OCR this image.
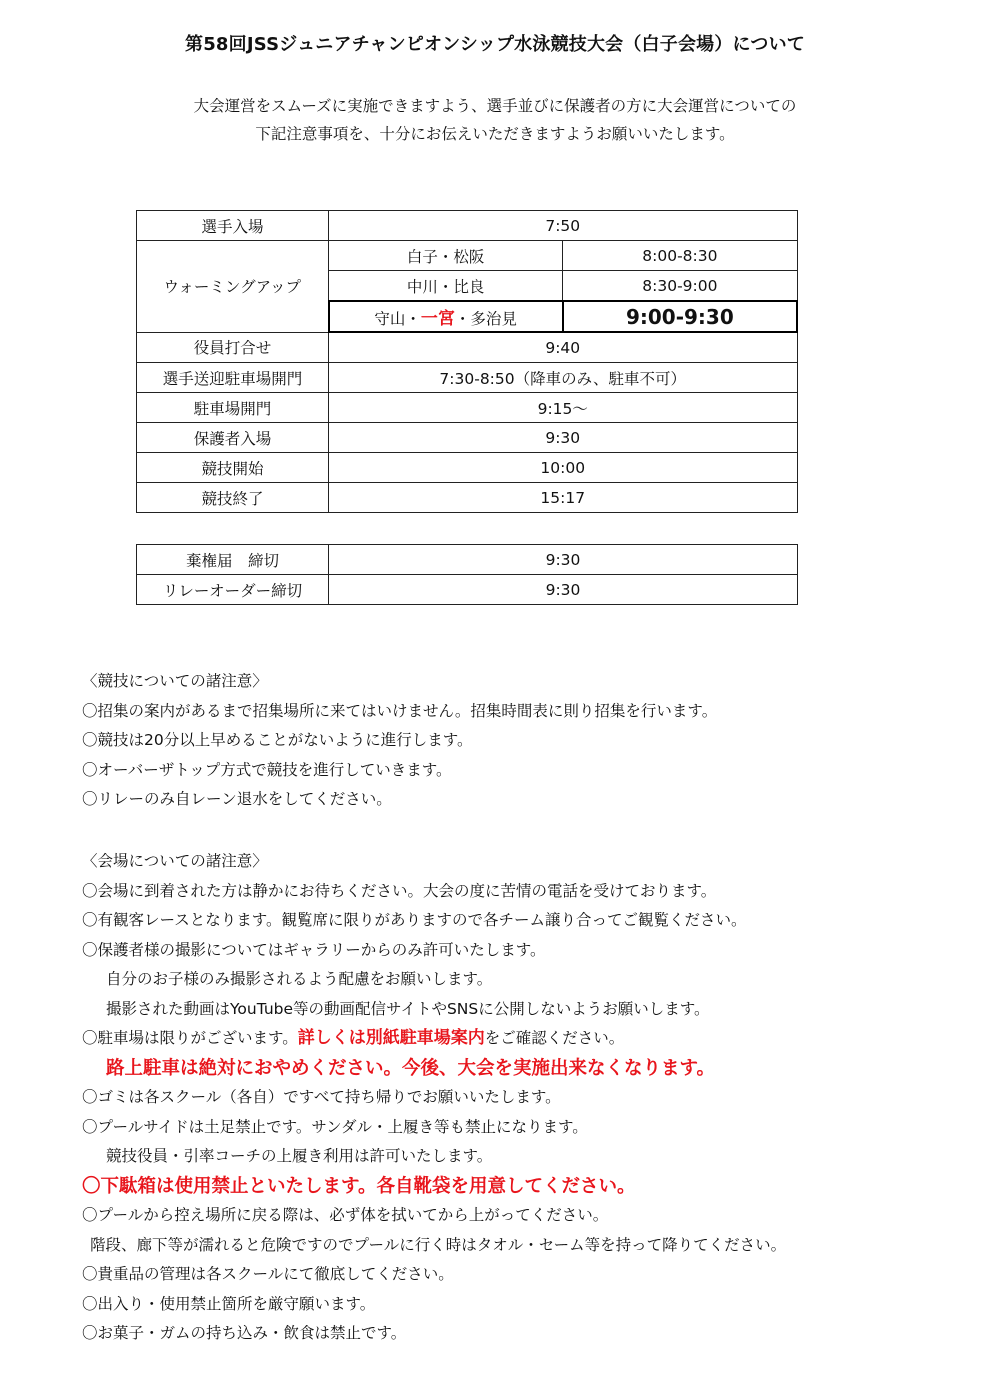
第58回JSSジュニアチャンピオンシップ水泳競技大会（白子会場）について
大会運営をスムーズに実施できますよう、選手並びに保護者の方に大会運営についての
下記注意事項を、十分にお伝えいただきますようお願いいたします。
選手入場	7:50	
ウォーミングアップ	白子・松阪	8:00-8:30
	中川・比良	8:30-9:00
	守山・一宮・多治見	9:00-9:30
役員打合せ	9:40	
選手送迎駐車場開門	7:30-8:50（降車のみ、駐車不可）	
駐車場開門	9:15～	
保護者入場	9:30	
競技開始	10:00	
競技終了	15:17	
棄権届　締切	9:30
リレーオーダー締切	9:30
〈競技についての諸注意〉
〇招集の案内があるまで招集場所に来てはいけません。招集時間表に則り招集を行います。
〇競技は20分以上早めることがないように進行します。
〇オーバーザトップ方式で競技を進行していきます。
〇リレーのみ自レーン退水をしてください。
〈会場についての諸注意〉
〇会場に到着された方は静かにお待ちください。大会の度に苦情の電話を受けております。
〇有観客レースとなります。観覧席に限りがありますので各チーム譲り合ってご観覧ください。
〇保護者様の撮影についてはギャラリーからのみ許可いたします。
自分のお子様のみ撮影されるよう配慮をお願いします。
撮影された動画はYouTube等の動画配信サイトやSNSに公開しないようお願いします。
〇駐車場は限りがございます。詳しくは別紙駐車場案内をご確認ください。
路上駐車は絶対におやめください。今後、大会を実施出来なくなります。
〇ゴミは各スクール（各自）ですべて持ち帰りでお願いいたします。
〇プールサイドは土足禁止です。サンダル・上履き等も禁止になります。
競技役員・引率コーチの上履き利用は許可いたします。
〇下駄箱は使用禁止といたします。各自靴袋を用意してください。
〇プールから控え場所に戻る際は、必ず体を拭いてから上がってください。
階段、廊下等が濡れると危険ですのでプールに行く時はタオル・セーム等を持って降りてください。
〇貴重品の管理は各スクールにて徹底してください。
〇出入り・使用禁止箇所を厳守願います。
〇お菓子・ガムの持ち込み・飲食は禁止です。
